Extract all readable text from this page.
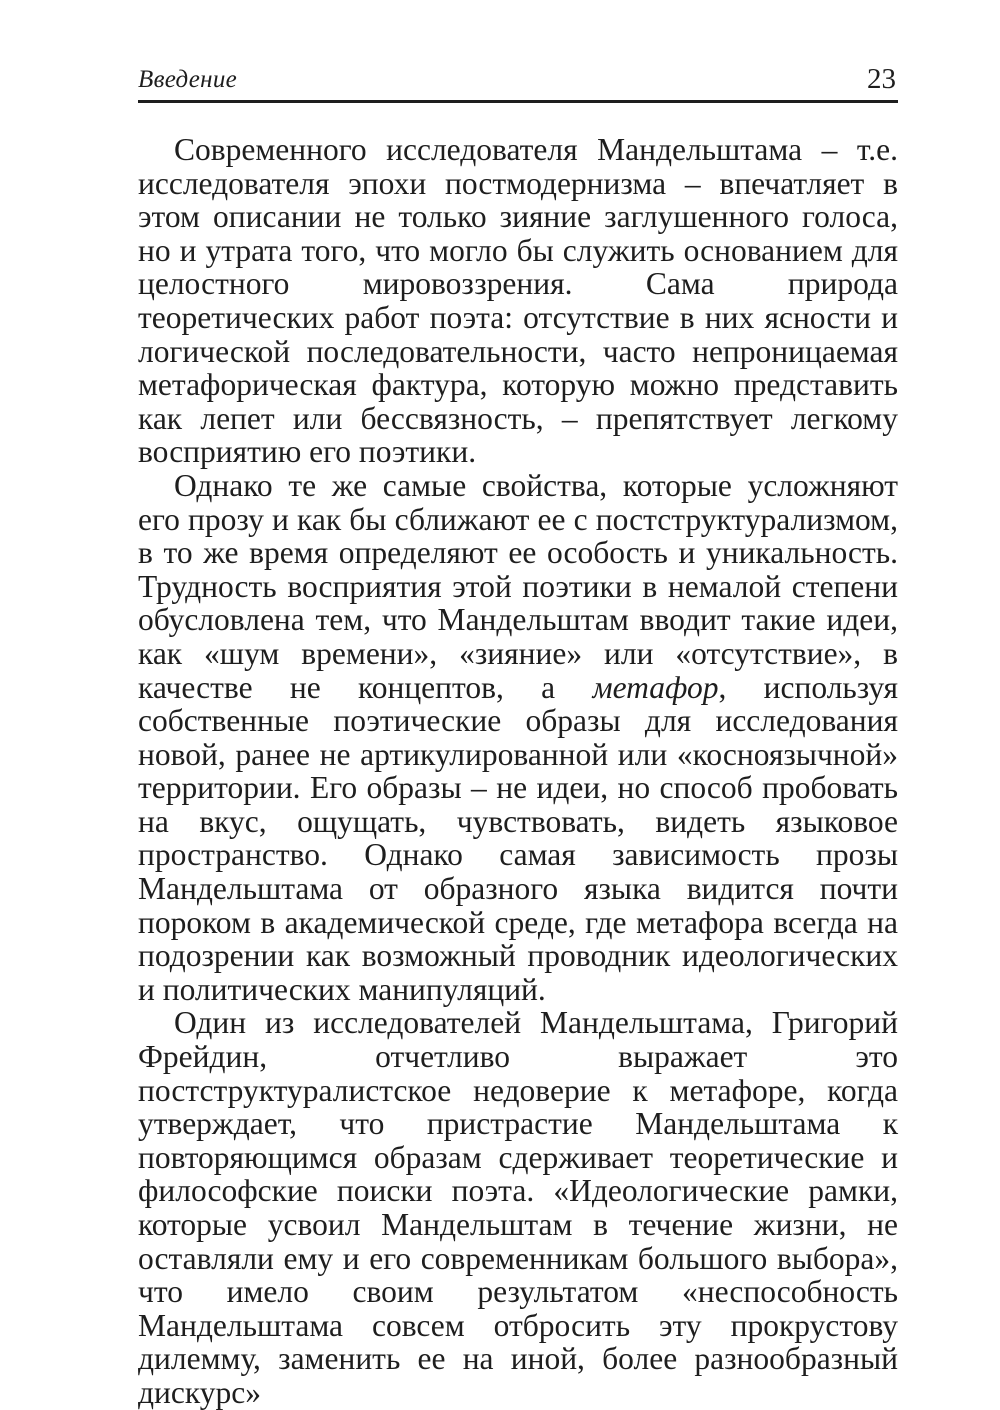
Введение	23

Современного исследователя Мандельштама – т.е. исследователя эпохи постмодернизма – впечатляет в этом описании не только зияние заглушенного голоса, но и утрата того, что могло бы служить основанием для целостного мировоззрения. Сама природа теоретических работ поэта: отсутствие в них ясности и логической последовательности, часто непроницаемая метафорическая фактура, которую можно представить как лепет или бессвязность, – препятствует легкому восприятию его поэтики.

Однако те же самые свойства, которые усложняют его прозу и как бы сближают ее с постструктурализмом, в то же время определяют ее особость и уникальность. Трудность восприятия этой поэтики в немалой степени обусловлена тем, что Мандельштам вводит такие идеи, как «шум времени», «зияние» или «отсутствие», в качестве не концептов, а метафор, используя собственные поэтические образы для исследования новой, ранее не артикулированной или «косноязычной» территории. Его образы – не идеи, но способ пробовать на вкус, ощущать, чувствовать, видеть языковое пространство. Однако самая зависимость прозы Мандельштама от образного языка видится почти пороком в академической среде, где метафора всегда на подозрении как возможный проводник идеологических и политических манипуляций.

Один из исследователей Мандельштама, Григорий Фрейдин, отчетливо выражает это постструктуралистское недоверие к метафоре, когда утверждает, что пристрастие Мандельштама к повторяющимся образам сдерживает теоретические и философские поиски поэта. «Идеологические рамки, которые усвоил Мандельштам в течение жизни, не оставляли ему и его современникам большого выбора», что имело своим результатом «неспособность Мандельштама совсем отбросить эту прокрустову дилемму, заменить ее на иной, более разнообразный дискурс»
